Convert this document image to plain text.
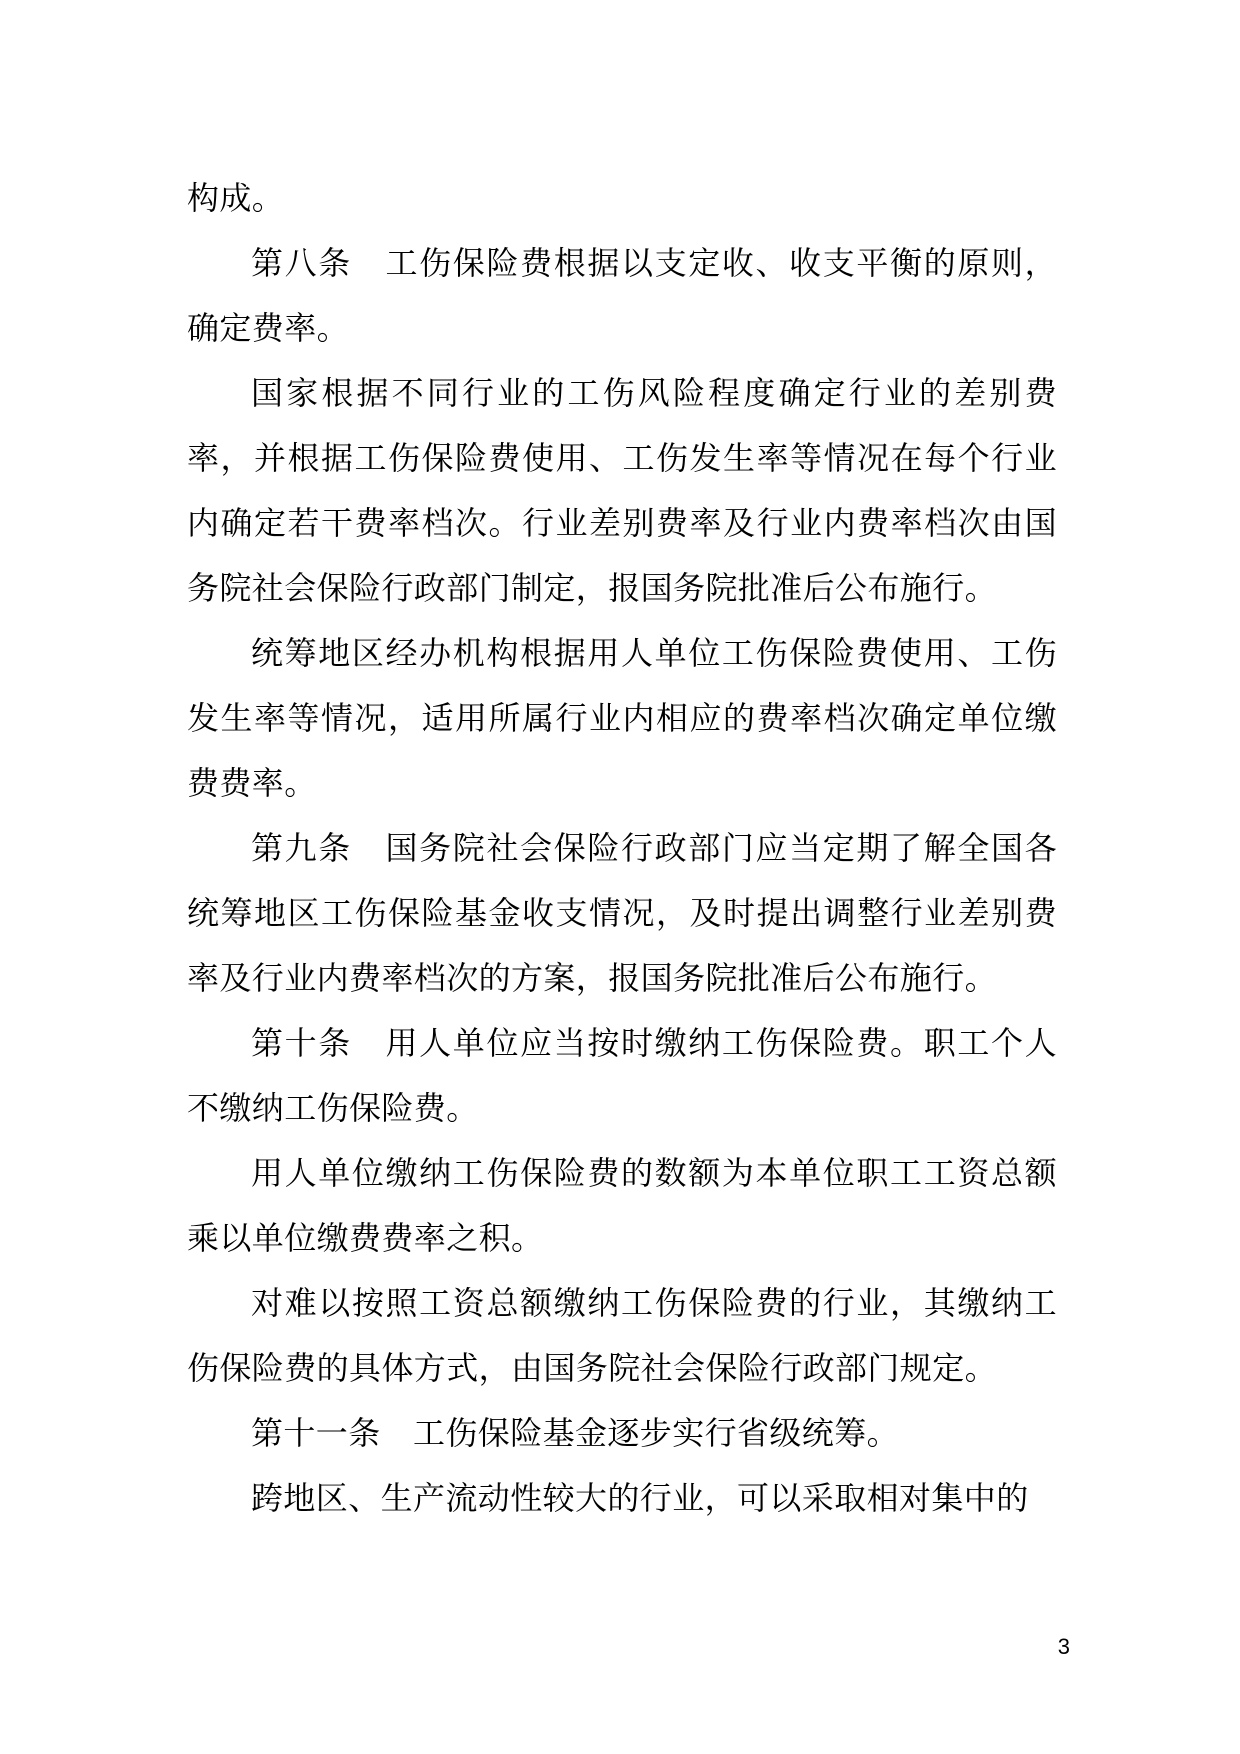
构成。

第八条　工伤保险费根据以支定收、收支平衡的原则，确定费率。

国家根据不同行业的工伤风险程度确定行业的差别费率，并根据工伤保险费使用、工伤发生率等情况在每个行业内确定若干费率档次。行业差别费率及行业内费率档次由国务院社会保险行政部门制定，报国务院批准后公布施行。

统筹地区经办机构根据用人单位工伤保险费使用、工伤发生率等情况，适用所属行业内相应的费率档次确定单位缴费费率。

第九条　国务院社会保险行政部门应当定期了解全国各统筹地区工伤保险基金收支情况，及时提出调整行业差别费率及行业内费率档次的方案，报国务院批准后公布施行。

第十条　用人单位应当按时缴纳工伤保险费。职工个人不缴纳工伤保险费。

用人单位缴纳工伤保险费的数额为本单位职工工资总额乘以单位缴费费率之积。

对难以按照工资总额缴纳工伤保险费的行业，其缴纳工伤保险费的具体方式，由国务院社会保险行政部门规定。

第十一条　工伤保险基金逐步实行省级统筹。

跨地区、生产流动性较大的行业，可以采取相对集中的

3
